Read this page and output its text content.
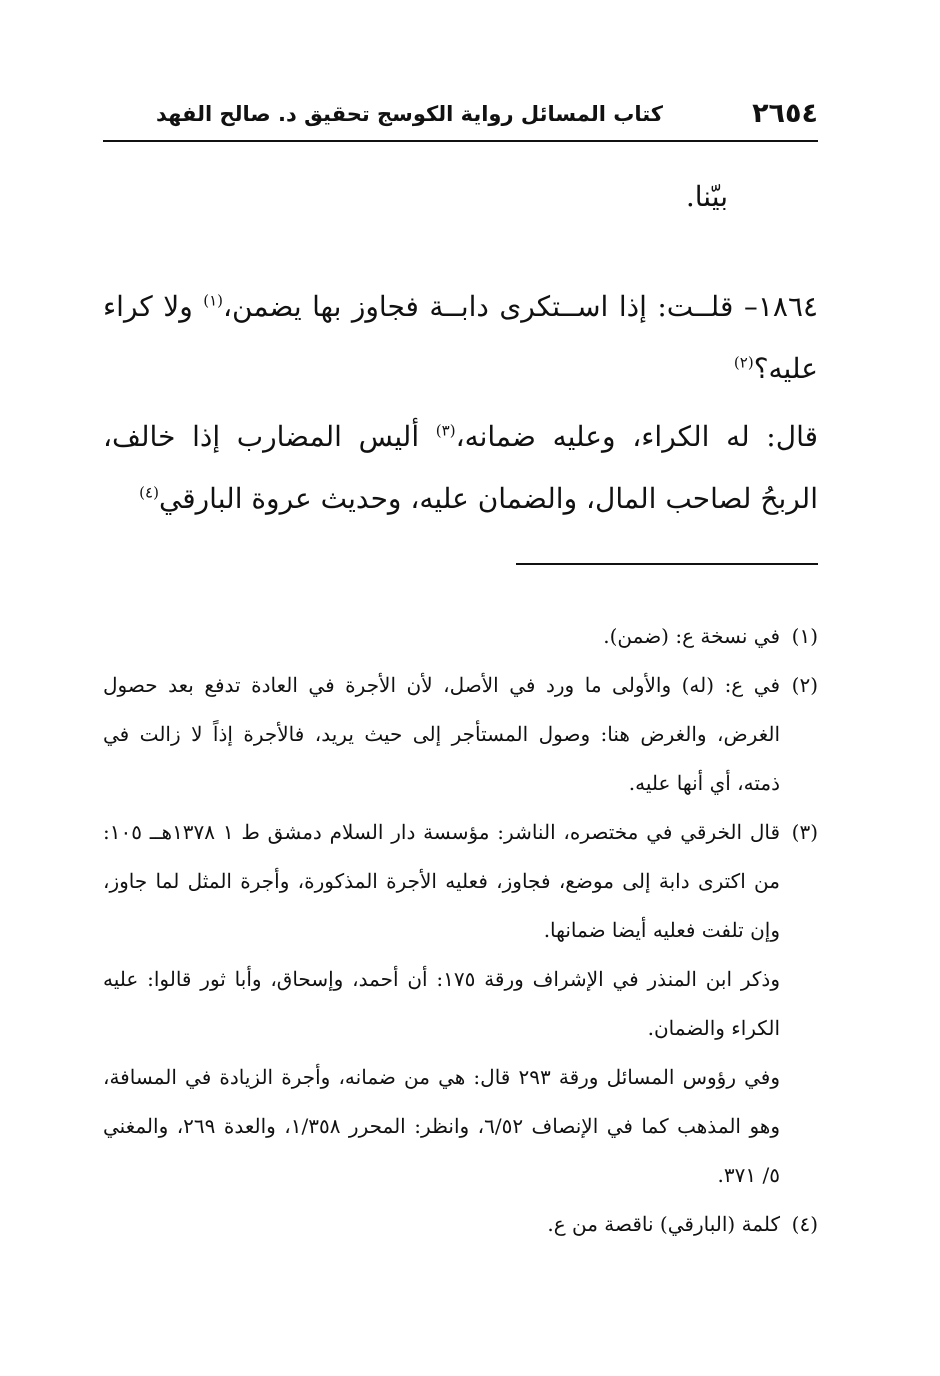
٢٦٥٤
كتاب المسائل رواية الكوسج تحقيق د. صالح الفهد
بيّنا.
١٨٦٤– قلــت: إذا اســتكرى دابــة فجاوز بها يضمن،$^{(١)}$ ولا كراء عليه؟$^{(٢)}$
قال: له الكراء، وعليه ضمانه،$^{(٣)}$ أليس المضارب إذا خالف، الربحُ لصاحب المال، والضمان عليه، وحديث عروة البارقي$^{(٤)}$

(١)في نسخة ع: (ضمن).

(٢)في ع: (له) والأولى ما ورد في الأصل، لأن الأجرة في العادة تدفع بعد حصول الغرض، والغرض هنا: وصول المستأجر إلى حيث يريد، فالأجرة إذاً لا زالت في ذمته، أي أنها عليه.

(٣)قال الخرقي في مختصره، الناشر: مؤسسة دار السلام دمشق ط ١ ١٣٧٨هــ ١٠٥: من اكترى دابة إلى موضع، فجاوز، فعليه الأجرة المذكورة، وأجرة المثل لما جاوز، وإن تلفت فعليه أيضا ضمانها.

وذكر ابن المنذر في الإشراف ورقة ١٧٥: أن أحمد، وإسحاق، وأبا ثور قالوا: عليه الكراء والضمان.

وفي رؤوس المسائل ورقة ٢٩٣ قال: هي من ضمانه، وأجرة الزيادة في المسافة، وهو المذهب كما في الإنصاف ٦/٥٢، وانظر: المحرر ١/٣٥٨، والعدة ٢٦٩، والمغني ٥/ ٣٧١.

(٤)كلمة (البارقي) ناقصة من ع.
